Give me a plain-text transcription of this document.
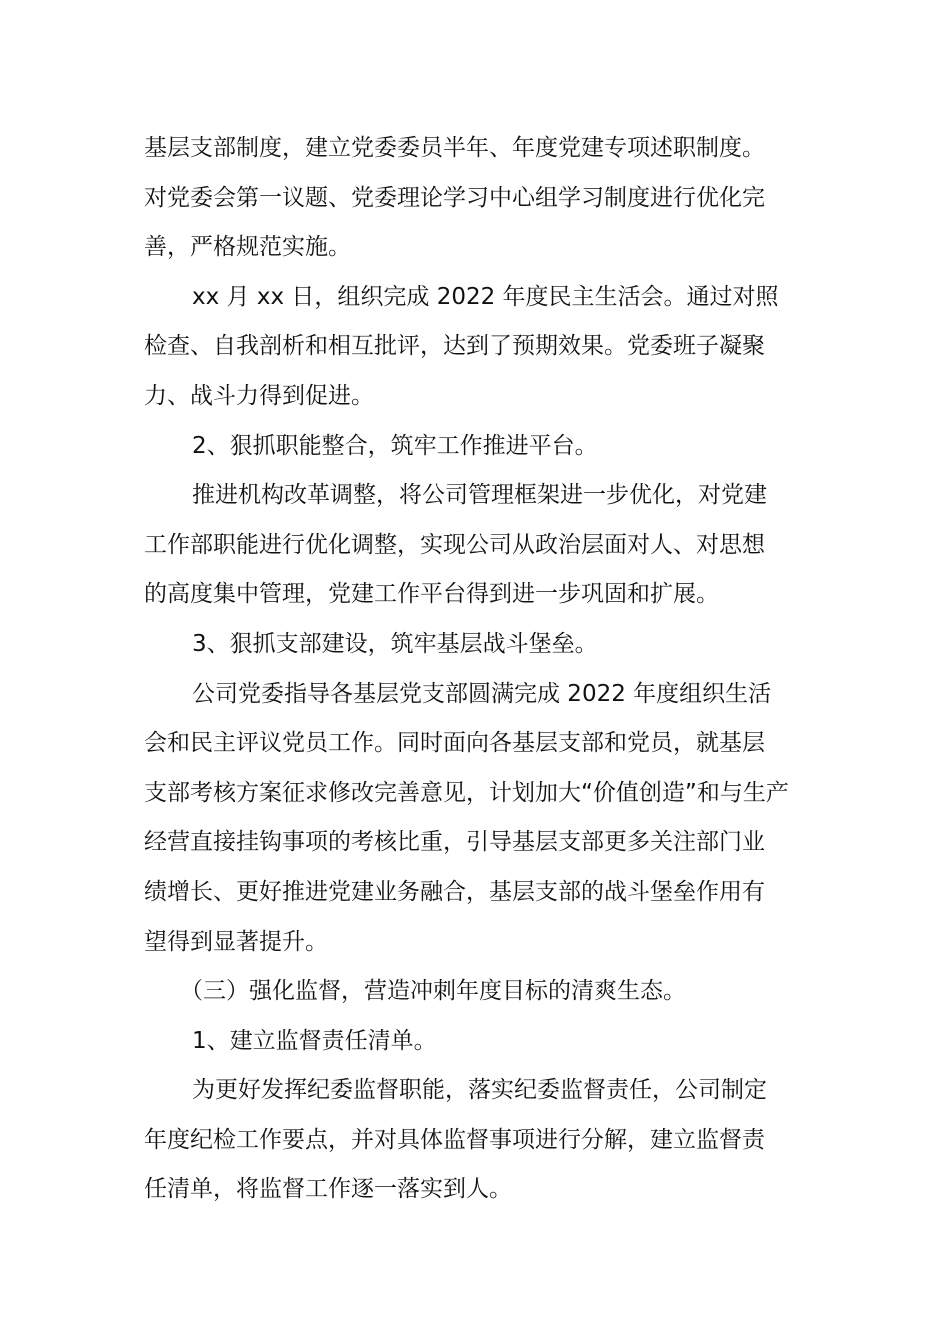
基层支部制度，建立党委委员半年、年度党建专项述职制度。
对党委会第一议题、党委理论学习中心组学习制度进行优化完
善，严格规范实施。
xx 月 xx 日，组织完成 2022 年度民主生活会。通过对照
检查、自我剖析和相互批评，达到了预期效果。党委班子凝聚
力、战斗力得到促进。
2、狠抓职能整合，筑牢工作推进平台。
推进机构改革调整，将公司管理框架进一步优化，对党建
工作部职能进行优化调整，实现公司从政治层面对人、对思想
的高度集中管理，党建工作平台得到进一步巩固和扩展。
3、狠抓支部建设，筑牢基层战斗堡垒。
公司党委指导各基层党支部圆满完成 2022 年度组织生活
会和民主评议党员工作。同时面向各基层支部和党员，就基层
支部考核方案征求修改完善意见，计划加大“价值创造”和与生产
经营直接挂钩事项的考核比重，引导基层支部更多关注部门业
绩增长、更好推进党建业务融合，基层支部的战斗堡垒作用有
望得到显著提升。
（三）强化监督，营造冲刺年度目标的清爽生态。
1、建立监督责任清单。
为更好发挥纪委监督职能，落实纪委监督责任，公司制定
年度纪检工作要点，并对具体监督事项进行分解，建立监督责
任清单，将监督工作逐一落实到人。
